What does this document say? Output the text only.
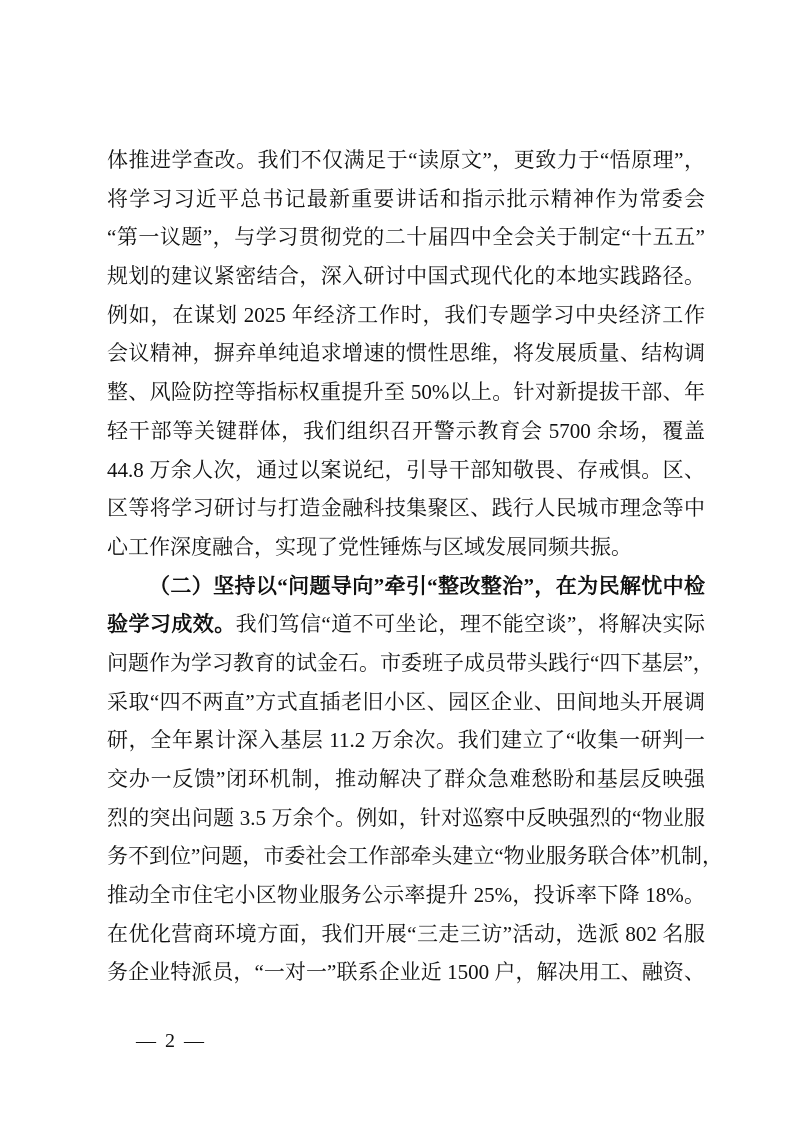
体推进学查改。我们不仅满足于“读原文”，更致力于“悟原理”，
将学习习近平总书记最新重要讲话和指示批示精神作为常委会
“第一议题”，与学习贯彻党的二十届四中全会关于制定“十五五”
规划的建议紧密结合，深入研讨中国式现代化的本地实践路径。
例如，在谋划 2025 年经济工作时，我们专题学习中央经济工作
会议精神，摒弃单纯追求增速的惯性思维，将发展质量、结构调
整、风险防控等指标权重提升至 50%以上。针对新提拔干部、年
轻干部等关键群体，我们组织召开警示教育会 5700 余场，覆盖
44.8 万余人次，通过以案说纪，引导干部知敬畏、存戒惧。区、
区等将学习研讨与打造金融科技集聚区、践行人民城市理念等中
心工作深度融合，实现了党性锤炼与区域发展同频共振。
（二）坚持以“问题导向”牵引“整改整治”，在为民解忧中检
验学习成效。我们笃信“道不可坐论，理不能空谈”，将解决实际
问题作为学习教育的试金石。市委班子成员带头践行“四下基层”，
采取“四不两直”方式直插老旧小区、园区企业、田间地头开展调
研，全年累计深入基层 11.2 万余次。我们建立了“收集一研判一
交办一反馈”闭环机制，推动解决了群众急难愁盼和基层反映强
烈的突出问题 3.5 万余个。例如，针对巡察中反映强烈的“物业服
务不到位”问题，市委社会工作部牵头建立“物业服务联合体”机制，
推动全市住宅小区物业服务公示率提升 25%，投诉率下降 18%。
在优化营商环境方面，我们开展“三走三访”活动，选派 802 名服
务企业特派员，“一对一”联系企业近 1500 户，解决用工、融资、
— 2 —
